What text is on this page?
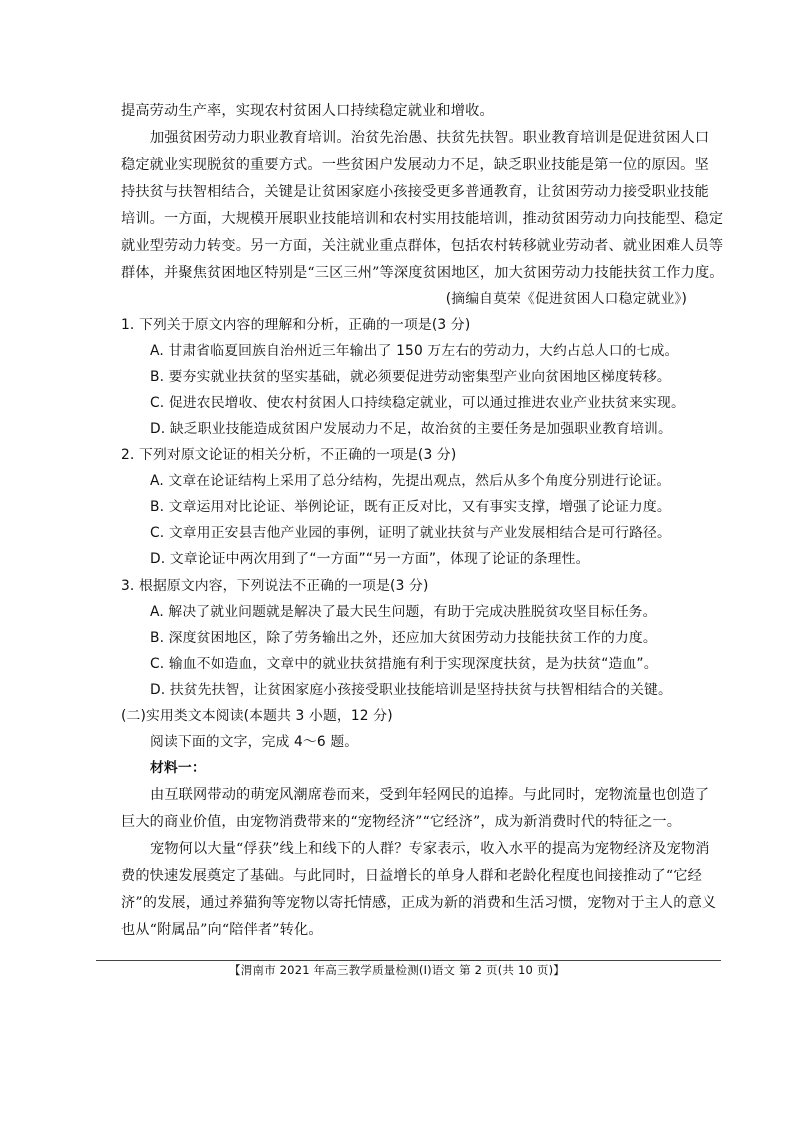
提高劳动生产率，实现农村贫困人口持续稳定就业和增收。
加强贫困劳动力职业教育培训。治贫先治愚、扶贫先扶智。职业教育培训是促进贫困人口
稳定就业实现脱贫的重要方式。一些贫困户发展动力不足，缺乏职业技能是第一位的原因。坚
持扶贫与扶智相结合，关键是让贫困家庭小孩接受更多普通教育，让贫困劳动力接受职业技能
培训。一方面，大规模开展职业技能培训和农村实用技能培训，推动贫困劳动力向技能型、稳定
就业型劳动力转变。另一方面，关注就业重点群体，包括农村转移就业劳动者、就业困难人员等
群体，并聚焦贫困地区特别是“三区三州”等深度贫困地区，加大贫困劳动力技能扶贫工作力度。
(摘编自莫荣《促进贫困人口稳定就业》)
1. 下列关于原文内容的理解和分析，正确的一项是(3 分)
A. 甘肃省临夏回族自治州近三年输出了 150 万左右的劳动力，大约占总人口的七成。
B. 要夯实就业扶贫的坚实基础，就必须要促进劳动密集型产业向贫困地区梯度转移。
C. 促进农民增收、使农村贫困人口持续稳定就业，可以通过推进农业产业扶贫来实现。
D. 缺乏职业技能造成贫困户发展动力不足，故治贫的主要任务是加强职业教育培训。
2. 下列对原文论证的相关分析，不正确的一项是(3 分)
A. 文章在论证结构上采用了总分结构，先提出观点，然后从多个角度分别进行论证。
B. 文章运用对比论证、举例论证，既有正反对比，又有事实支撑，增强了论证力度。
C. 文章用正安县吉他产业园的事例，证明了就业扶贫与产业发展相结合是可行路径。
D. 文章论证中两次用到了“一方面”“另一方面”，体现了论证的条理性。
3. 根据原文内容，下列说法不正确的一项是(3 分)
A. 解决了就业问题就是解决了最大民生问题，有助于完成决胜脱贫攻坚目标任务。
B. 深度贫困地区，除了劳务输出之外，还应加大贫困劳动力技能扶贫工作的力度。
C. 输血不如造血，文章中的就业扶贫措施有利于实现深度扶贫，是为扶贫“造血”。
D. 扶贫先扶智，让贫困家庭小孩接受职业技能培训是坚持扶贫与扶智相结合的关键。
(二)实用类文本阅读(本题共 3 小题，12 分)
阅读下面的文字，完成 4～6 题。
材料一：
由互联网带动的萌宠风潮席卷而来，受到年轻网民的追捧。与此同时，宠物流量也创造了
巨大的商业价值，由宠物消费带来的“宠物经济”“它经济”，成为新消费时代的特征之一。
宠物何以大量“俘获”线上和线下的人群？专家表示，收入水平的提高为宠物经济及宠物消
费的快速发展奠定了基础。与此同时，日益增长的单身人群和老龄化程度也间接推动了“它经
济”的发展，通过养猫狗等宠物以寄托情感，正成为新的消费和生活习惯，宠物对于主人的意义
也从“附属品”向“陪伴者”转化。
【渭南市 2021 年高三教学质量检测(Ⅰ)语文 第 2 页(共 10 页)】
